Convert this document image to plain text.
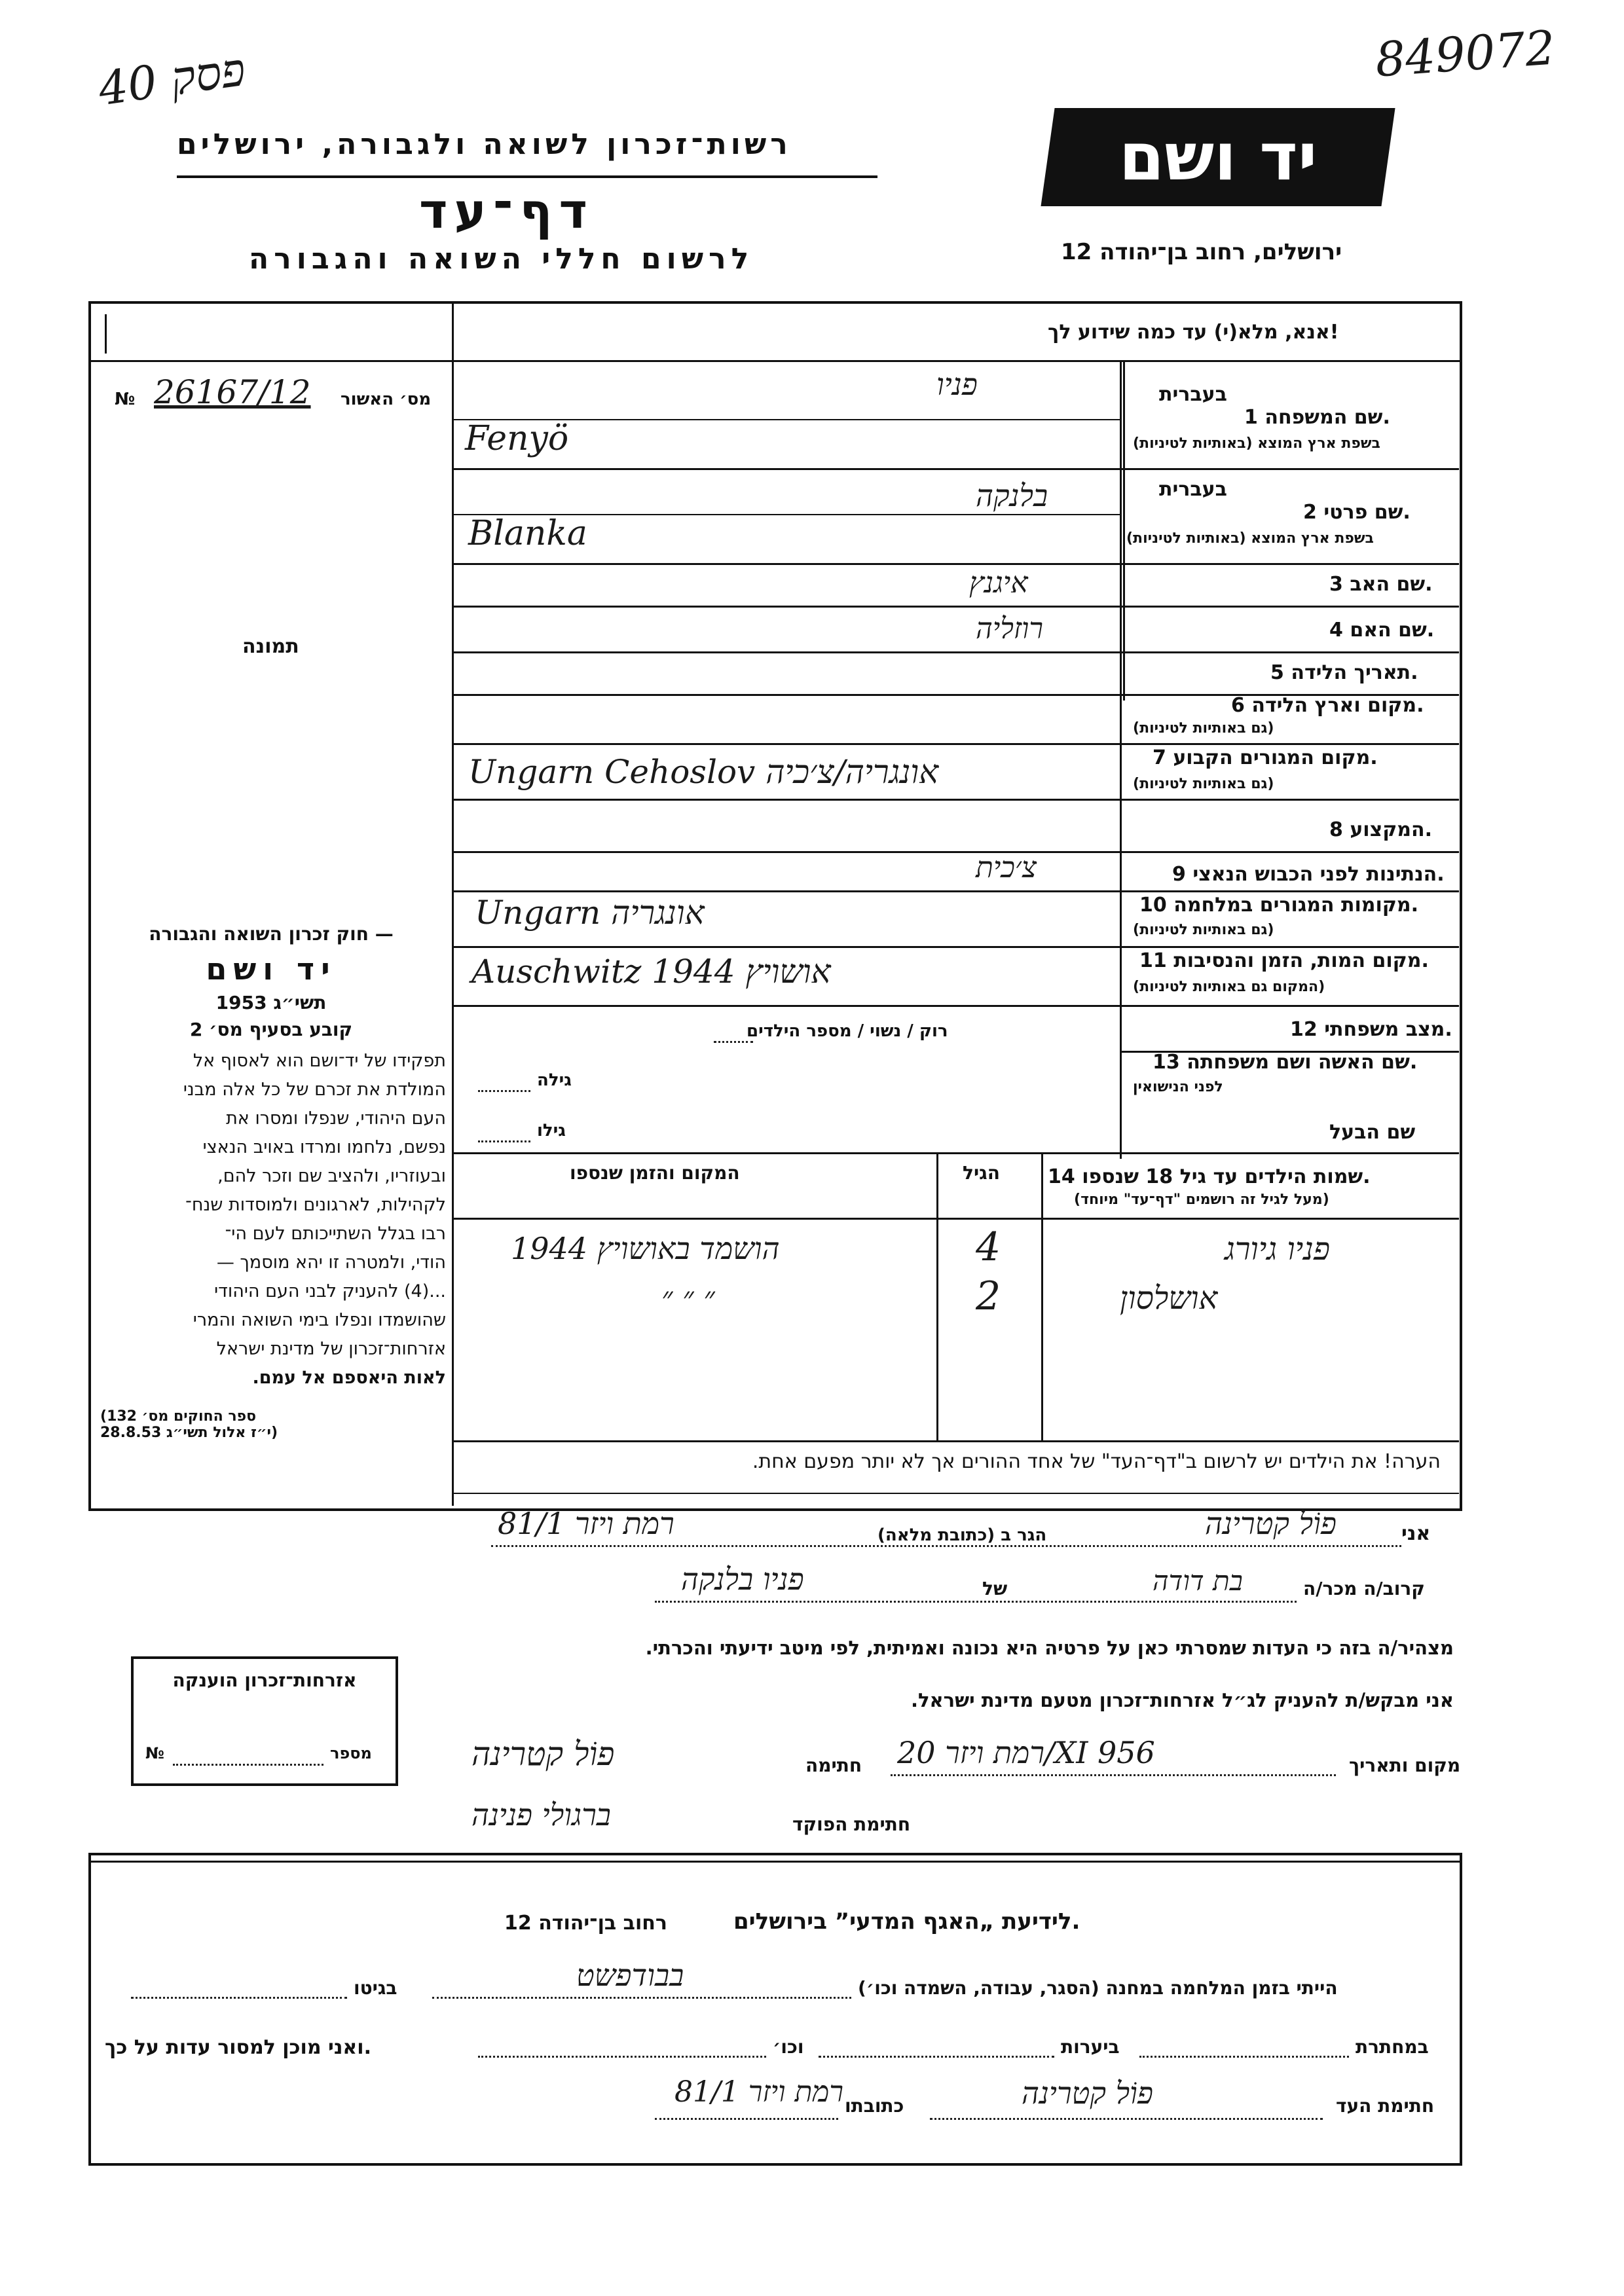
40 פסק	849072
יד ושם
ירושלים, רחוב בן־יהודה 12
רשות־זכרון לשואה ולגבורה, ירושלים
דף־עד
לרשום חללי השואה והגבורה
אנא, מלא(י) עד כמה שידוע לך!
№ 26167/12 מס׳ האשור
תמונה
בעברית
שם המשפחה 1.
בשפת ארץ המוצא (באותיות לטיניות)
בעברית
שם פרטי 2.
בשפת ארץ המוצא (באותיות לטיניות)
שם האב 3.
שם האם 4.
תאריך הלידה 5.
מקום וארץ הלידה 6.
(גם באותיות לטיניות)
מקום המגורים הקבוע 7.
(גם באותיות לטיניות)
המקצוע 8.
הנתינות לפני הכבוש הנאצי 9.
מקומות המגורים במלחמה 10.
(גם באותיות לטיניות)
מקום המות, הזמן והנסיבות 11.
(המקום גם באותיות לטיניות)
מצב משפחתי 12.
שם האשה ושם משפחתה 13.
לפני הנישואין
שם הבעל
רוק / נשוי / מספר הילדים
גילה
גילו
פניו
Fenyö
בלנקה
Blanka
איגנץ
רוזליה
Ungarn Cehoslov אונגריה/צ׳כיה
צ׳כית
Ungarn אונגריה
Auschwitz 1944 אושויץ
שמות הילדים עד גיל 18 שנספו 14.
(מעל לגיל זה רושמים "דף־עד" מיוחד)
הגיל
המקום והזמן שנספו
פניו גיורג
4
הושמד באושויץ 1944
אושלסון
2
״ ״ ״
חוק זכרון השואה והגבורה —
יד ושם
תשי״ג 1953
קובע בסעיף מס׳ 2
תפקידו של יד־ושם הוא לאסוף אל
המולדת את זכרם של כל אלה מבני
העם היהודי, שנפלו ומסרו את
נפשם, נלחמו ומרדו באויב הנאצי
ובעוזריו, ולהציב שם וזכר להם,
לקהילות, לארגונים ולמוסדות שנח־
רבו בגלל השתייכותם לעם הי־
הודי, ולמטרה זו יהא מוסמך —
...(4) להעניק לבני העם היהודי
שהושמדו ונפלו בימי השואה והמרי
אזרחות־זכרון של מדינת ישראל
לאות היאספם אל עמם.
(ספר החוקים מס׳ 132
י״ז אלול תשי״ג 28.8.53)
הערה! את הילדים יש לרשום ב"דף־העד" של אחד ההורים אך לא יותר מפעם אחת.
אני
פוֹל קטרינה
הגר ב (כתובת מלאה)
רמת ויזר 81/1
קרוב/ה מכר/ה
בת דודה
של
פניו בלנקה
מצהיר/ה בזה כי העדות שמסרתי כאן על פרטיה היא נכונה ואמיתית, לפי מיטב ידיעתי והכרתי.
אני מבקש/ת להעניק לג״ל אזרחות־זכרון מטעם מדינת ישראל.
מקום ותאריך
רמת ויזר 20/XI 956
חתימה
פוֹל קטרינה
חתימת הפוקד
ברגולי פנינה
אזרחות־זכרון הוענקה
№	מספר
לידיעת „האגף המדעי” בירושלים.
רחוב בן־יהודה 12
הייתי בזמן המלחמה במחנה (הסגר, עבודה, השמדה וכו׳)
בבודפשט
בגיטו
במחתרת
ביערות
וכו׳
ואני מוכן למסור עדות על כך.
חתימת העד
פוֹל קטרינה
כתובתו
רמת ויזר 81/1
